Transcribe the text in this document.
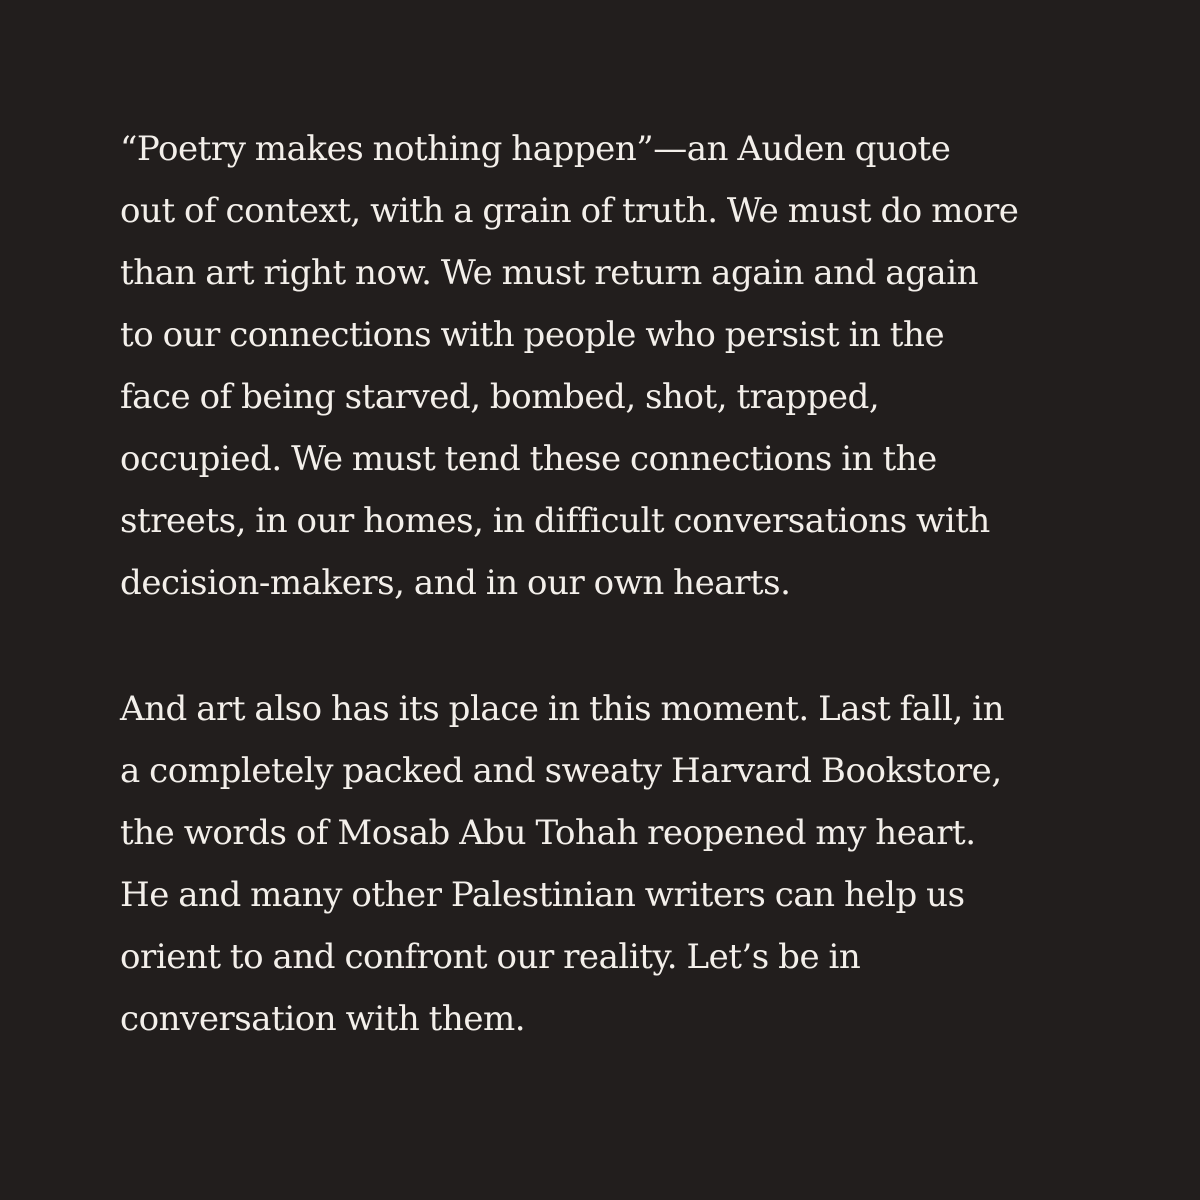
“Poetry makes nothing happen”—an Auden quote
out of context, with a grain of truth. We must do more
than art right now. We must return again and again
to our connections with people who persist in the
face of being starved, bombed, shot, trapped,
occupied. We must tend these connections in the
streets, in our homes, in difficult conversations with
decision-makers, and in our own hearts.

And art also has its place in this moment. Last fall, in
a completely packed and sweaty Harvard Bookstore,
the words of Mosab Abu Tohah reopened my heart.
He and many other Palestinian writers can help us
orient to and confront our reality. Let’s be in
conversation with them.
